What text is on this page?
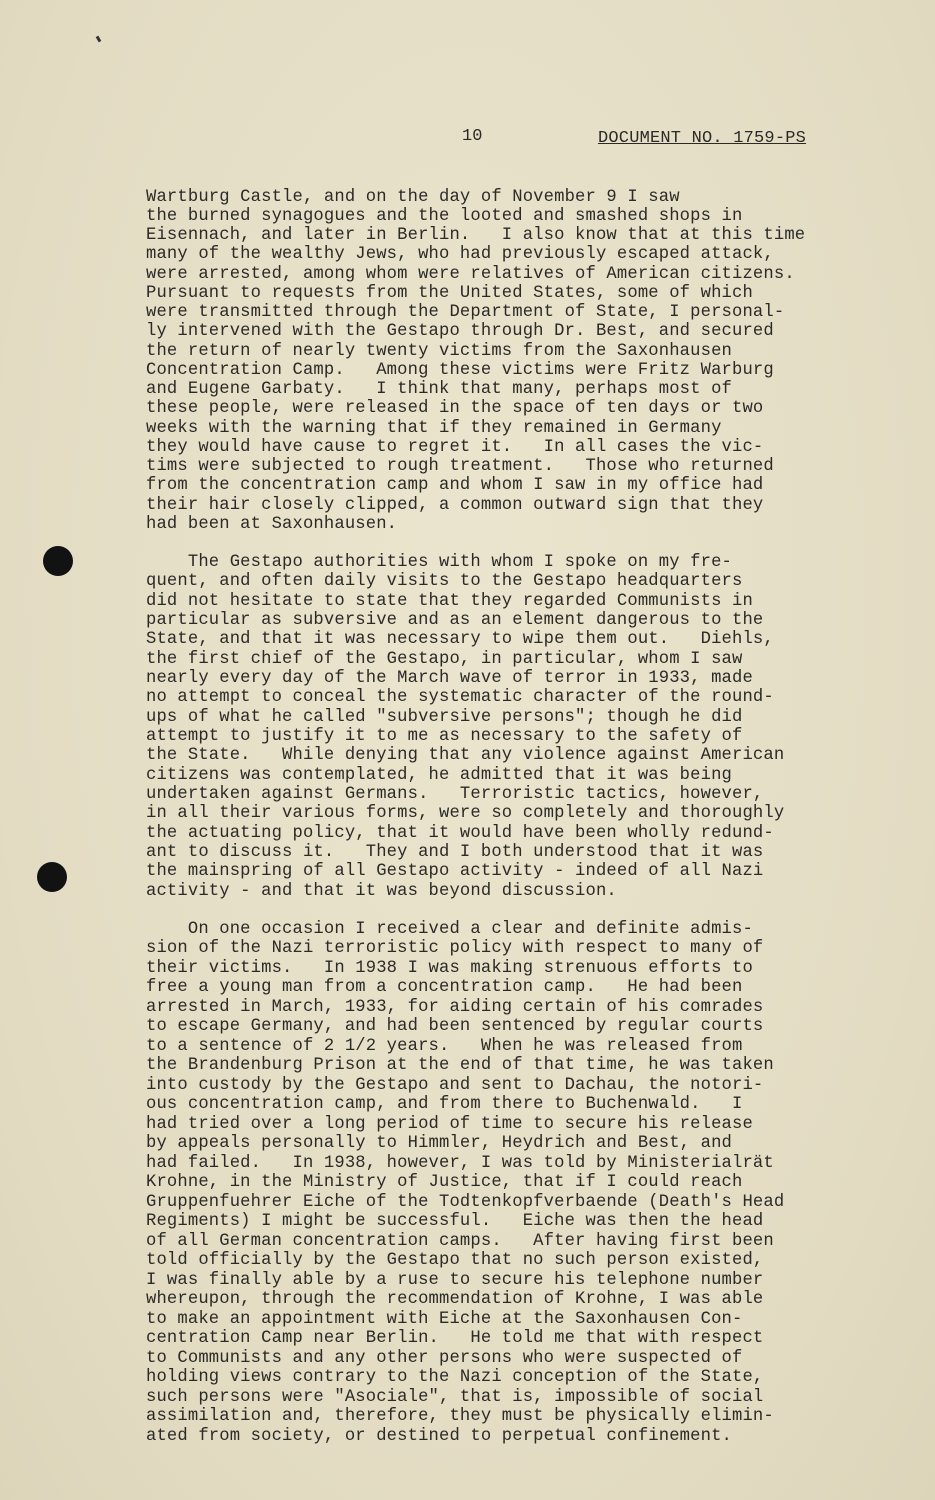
10	DOCUMENT NO. 1759-PS
Wartburg Castle, and on the day of November 9 I saw
the burned synagogues and the looted and smashed shops in
Eisennach, and later in Berlin.   I also know that at this time
many of the wealthy Jews, who had previously escaped attack,
were arrested, among whom were relatives of American citizens.
Pursuant to requests from the United States, some of which
were transmitted through the Department of State, I personal-
ly intervened with the Gestapo through Dr. Best, and secured
the return of nearly twenty victims from the Saxonhausen
Concentration Camp.   Among these victims were Fritz Warburg
and Eugene Garbaty.   I think that many, perhaps most of
these people, were released in the space of ten days or two
weeks with the warning that if they remained in Germany
they would have cause to regret it.   In all cases the vic-
tims were subjected to rough treatment.   Those who returned
from the concentration camp and whom I saw in my office had
their hair closely clipped, a common outward sign that they
had been at Saxonhausen.
The Gestapo authorities with whom I spoke on my fre-
quent, and often daily visits to the Gestapo headquarters
did not hesitate to state that they regarded Communists in
particular as subversive and as an element dangerous to the
State, and that it was necessary to wipe them out.   Diehls,
the first chief of the Gestapo, in particular, whom I saw
nearly every day of the March wave of terror in 1933, made
no attempt to conceal the systematic character of the round-
ups of what he called "subversive persons"; though he did
attempt to justify it to me as necessary to the safety of
the State.   While denying that any violence against American
citizens was contemplated, he admitted that it was being
undertaken against Germans.   Terroristic tactics, however,
in all their various forms, were so completely and thoroughly
the actuating policy, that it would have been wholly redund-
ant to discuss it.   They and I both understood that it was
the mainspring of all Gestapo activity - indeed of all Nazi
activity - and that it was beyond discussion.
On one occasion I received a clear and definite admis-
sion of the Nazi terroristic policy with respect to many of
their victims.   In 1938 I was making strenuous efforts to
free a young man from a concentration camp.   He had been
arrested in March, 1933, for aiding certain of his comrades
to escape Germany, and had been sentenced by regular courts
to a sentence of 2 1/2 years.   When he was released from
the Brandenburg Prison at the end of that time, he was taken
into custody by the Gestapo and sent to Dachau, the notori-
ous concentration camp, and from there to Buchenwald.   I
had tried over a long period of time to secure his release
by appeals personally to Himmler, Heydrich and Best, and
had failed.   In 1938, however, I was told by Ministerialrät
Krohne, in the Ministry of Justice, that if I could reach
Gruppenfuehrer Eiche of the Todtenkopfverbaende (Death's Head
Regiments) I might be successful.   Eiche was then the head
of all German concentration camps.   After having first been
told officially by the Gestapo that no such person existed,
I was finally able by a ruse to secure his telephone number
whereupon, through the recommendation of Krohne, I was able
to make an appointment with Eiche at the Saxonhausen Con-
centration Camp near Berlin.   He told me that with respect
to Communists and any other persons who were suspected of
holding views contrary to the Nazi conception of the State,
such persons were "Asociale", that is, impossible of social
assimilation and, therefore, they must be physically elimin-
ated from society, or destined to perpetual confinement.
